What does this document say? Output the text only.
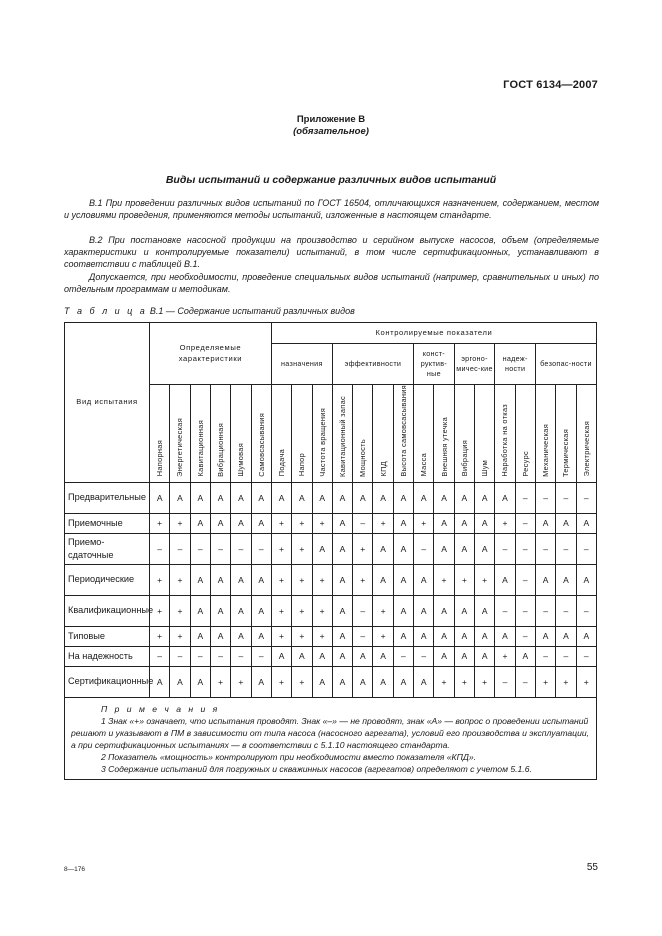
ГОСТ 6134—2007
Приложение В
(обязательное)
Виды испытаний и содержание различных видов испытаний
В.1 При проведении различных видов испытаний по ГОСТ 16504, отличающихся назначением, содержанием, местом и условиями проведения, применяются методы испытаний, изложенные в настоящем стандарте.
В.2 При постановке насосной продукции на производство и серийном выпуске насосов, объем (определяемые характеристики и контролируемые показатели) испытаний, в том числе сертификационных, устанавливают в соответствии с таблицей В.1.
Допускается, при необходимости, проведение специальных видов испытаний (например, сравнительных и иных) по отдельным программам и методикам.
Т а б л и ц а В.1 — Содержание испытаний различных видов
Вид испытания	Определяемые характеристики						Контролируемые показатели															
							назначения			эффективности				конст-руктив-ные		эргоно-мичес-кие		надеж-ности		безопас-ности		
	Напорная	Энергетическая	Кавитационная	Вибрационная	Шумовая	Самовсасывания	Подача	Напор	Частота вращения	Кавитационный запас	Мощность	КПД	Высота самовсасывания	Масса	Внешняя утечка	Вибрация	Шум	Наработка на отказ	Ресурс	Механическая	Термическая	Электрическая
Предварительные	А	А	А	А	А	А	А	А	А	А	А	А	А	А	А	А	А	А	–	–	–	–
Приемочные	+	+	А	А	А	А	+	+	+	А	–	+	А	+	А	А	А	+	–	А	А	А
Приемо-сдаточные	–	–	–	–	–	–	+	+	А	А	+	А	А	–	А	А	А	–	–	–	–	–
Периодические	+	+	А	А	А	А	+	+	+	А	+	А	А	А	+	+	+	А	–	А	А	А
Квалификационные	+	+	А	А	А	А	+	+	+	А	–	+	А	А	А	А	А	–	–	–	–	–
Типовые	+	+	А	А	А	А	+	+	+	А	–	+	А	А	А	А	А	А	–	А	А	А
На надежность	–	–	–	–	–	–	А	А	А	А	А	А	–	–	А	А	А	+	А	–	–	–
Сертификационные	А	А	А	+	+	А	+	+	А	А	А	А	А	А	+	+	+	–	–	+	+	+

П р и м е ч а н и я
1 Знак «+» означает, что испытания проводят. Знак «–» — не проводят, знак «А» — вопрос о проведении испытаний решают и указывают в ПМ в зависимости от типа насоса (насосного агрегата), условий его производства и эксплуатации, а при сертификационных испытаниях — в соответствии с 5.1.10 настоящего стандарта.
2 Показатель «мощность» контролируют при необходимости вместо показателя «КПД».
3 Содержание испытаний для погружных и скважинных насосов (агрегатов) определяют с учетом 5.1.6.																						
8—176	55
